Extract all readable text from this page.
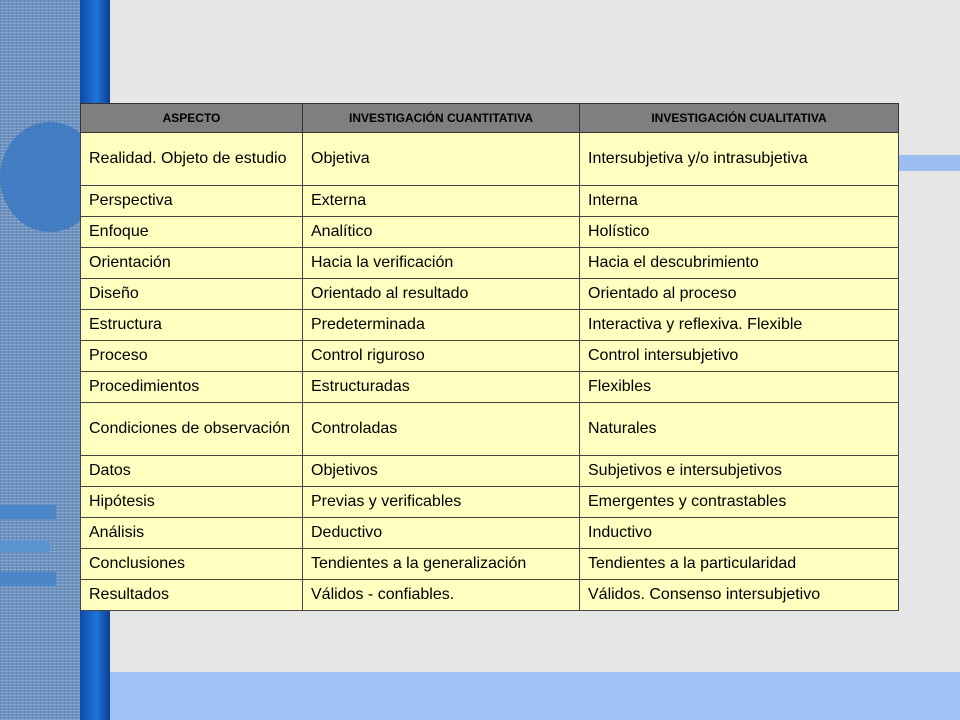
ASPECTO	INVESTIGACIÓN CUANTITATIVA	INVESTIGACIÓN CUALITATIVA

Realidad. Objeto de estudio	Objetiva	Intersubjetiva y/o intrasubjetiva

Perspectiva	Externa	Interna

Enfoque	Analítico	Holístico

Orientación	Hacia la verificación	Hacia el descubrimiento

Diseño	Orientado al resultado	Orientado al proceso

Estructura	Predeterminada	Interactiva y reflexiva. Flexible

Proceso	Control riguroso	Control intersubjetivo

Procedimientos	Estructuradas	Flexibles

Condiciones de observación	Controladas	Naturales

Datos	Objetivos	Subjetivos e intersubjetivos

Hipótesis	Previas y verificables	Emergentes y contrastables

Análisis	Deductivo	Inductivo

Conclusiones	Tendientes a la generalización	Tendientes a la particularidad

Resultados	Válidos - confiables.	Válidos. Consenso intersubjetivo
